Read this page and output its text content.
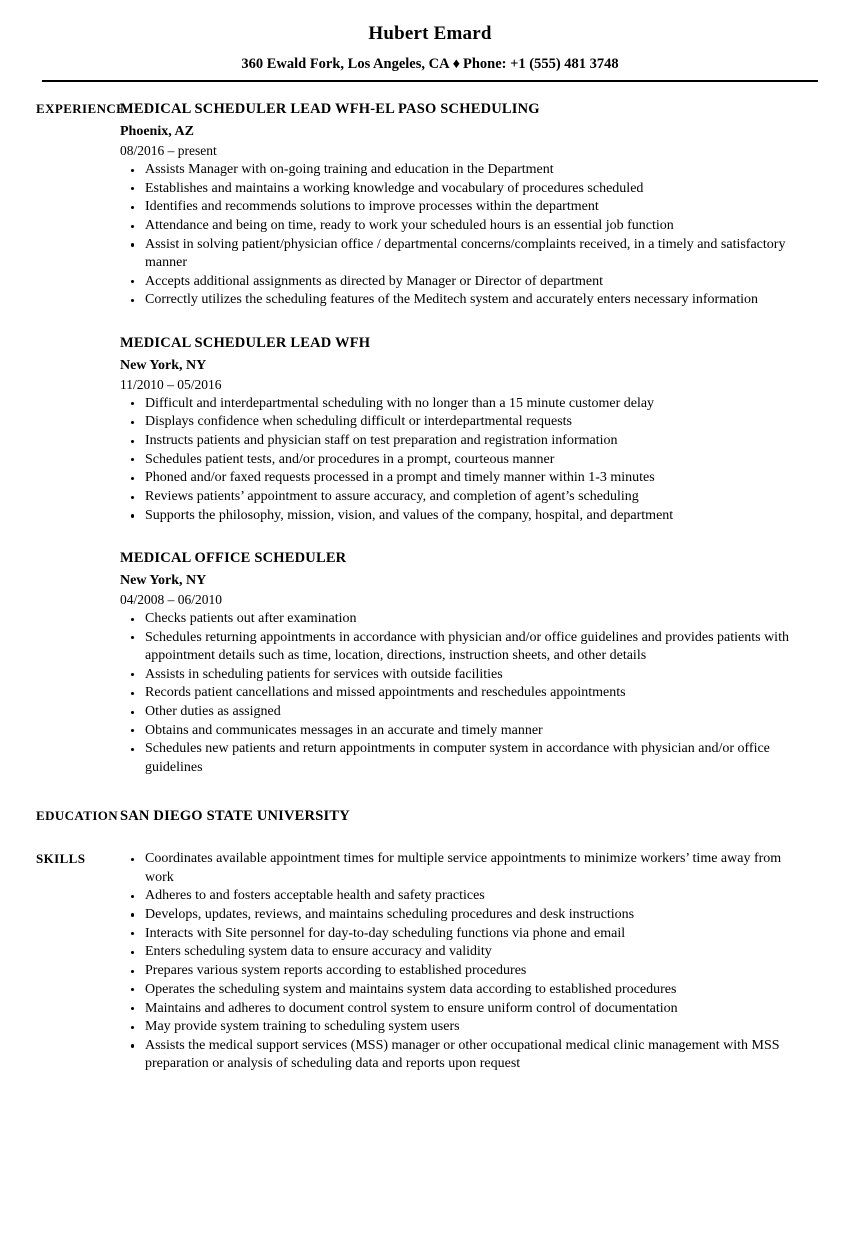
Hubert Emard
360 Ewald Fork, Los Angeles, CA ♦ Phone: +1 (555) 481 3748
EXPERIENCE
MEDICAL SCHEDULER LEAD WFH-EL PASO SCHEDULING
Phoenix, AZ
08/2016 – present
Assists Manager with on-going training and education in the Department
Establishes and maintains a working knowledge and vocabulary of procedures scheduled
Identifies and recommends solutions to improve processes within the department
Attendance and being on time, ready to work your scheduled hours is an essential job function
Assist in solving patient/physician office / departmental concerns/complaints received, in a timely and satisfactory manner
Accepts additional assignments as directed by Manager or Director of department
Correctly utilizes the scheduling features of the Meditech system and accurately enters necessary information
MEDICAL SCHEDULER LEAD WFH
New York, NY
11/2010 – 05/2016
Difficult and interdepartmental scheduling with no longer than a 15 minute customer delay
Displays confidence when scheduling difficult or interdepartmental requests
Instructs patients and physician staff on test preparation and registration information
Schedules patient tests, and/or procedures in a prompt, courteous manner
Phoned and/or faxed requests processed in a prompt and timely manner within 1-3 minutes
Reviews patients’ appointment to assure accuracy, and completion of agent’s scheduling
Supports the philosophy, mission, vision, and values of the company, hospital, and department
MEDICAL OFFICE SCHEDULER
New York, NY
04/2008 – 06/2010
Checks patients out after examination
Schedules returning appointments in accordance with physician and/or office guidelines and provides patients with appointment details such as time, location, directions, instruction sheets, and other details
Assists in scheduling patients for services with outside facilities
Records patient cancellations and missed appointments and reschedules appointments
Other duties as assigned
Obtains and communicates messages in an accurate and timely manner
Schedules new patients and return appointments in computer system in accordance with physician and/or office guidelines
EDUCATION SAN DIEGO STATE UNIVERSITY
SKILLS	Coordinates available appointment times for multiple service appointments to minimize workers’ time away from work
Adheres to and fosters acceptable health and safety practices
Develops, updates, reviews, and maintains scheduling procedures and desk instructions
Interacts with Site personnel for day-to-day scheduling functions via phone and email
Enters scheduling system data to ensure accuracy and validity
Prepares various system reports according to established procedures
Operates the scheduling system and maintains system data according to established procedures
Maintains and adheres to document control system to ensure uniform control of documentation
May provide system training to scheduling system users
Assists the medical support services (MSS) manager or other occupational medical clinic management with MSS preparation or analysis of scheduling data and reports upon request
